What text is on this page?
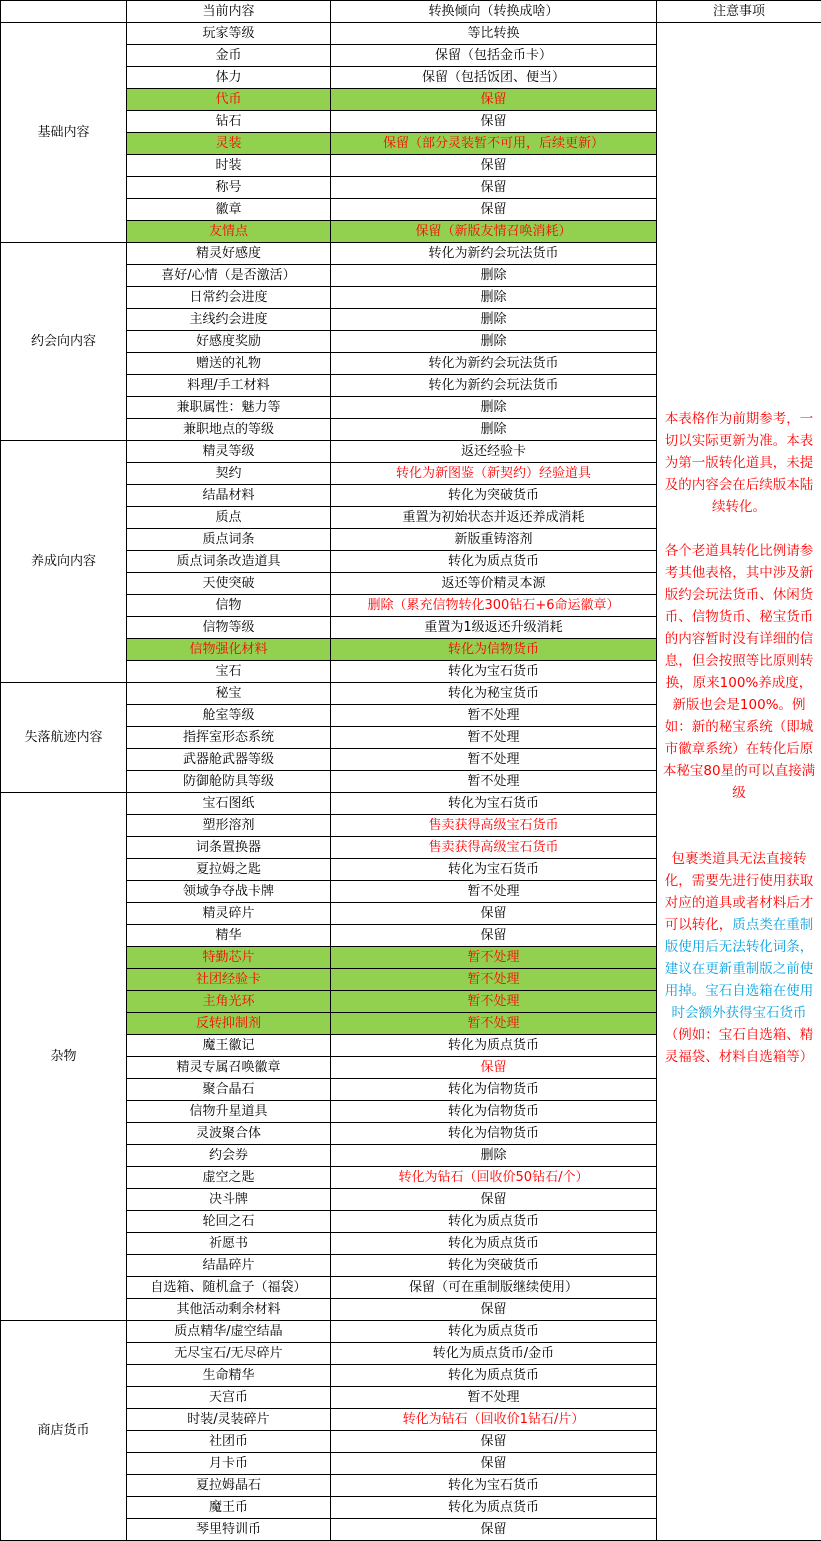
	当前内容	转换倾向（转换成啥）	注意事项
基础内容	玩家等级	等比转换	本表格作为前期参考，一切以实际更新为准。本表为第一版转化道具，未提及的内容会在后续版本陆续转化。
各个老道具转化比例请参考其他表格，其中涉及新版约会玩法货币、休闲货币、信物货币、秘宝货币的内容暂时没有详细的信息，但会按照等比原则转换，原来100%养成度，新版也会是100%。例如：新的秘宝系统（即城市徽章系统）在转化后原本秘宝80星的可以直接满级
包裹类道具无法直接转化，需要先进行使用获取对应的道具或者材料后才可以转化，质点类在重制版使用后无法转化词条，建议在更新重制版之前使用掉。宝石自选箱在使用时会额外获得宝石货币（例如：宝石自选箱、精灵福袋、材料自选箱等）

	金币	保留（包括金币卡）	
	体力	保留（包括饭团、便当）	
	代币	保留	
	钻石	保留	
	灵装	保留（部分灵装暂不可用，后续更新）	
	时装	保留	
	称号	保留	
	徽章	保留	
	友情点	保留（新版友情召唤消耗）	
约会向内容	精灵好感度	转化为新约会玩法货币	
	喜好/心情（是否激活）	删除	
	日常约会进度	删除	
	主线约会进度	删除	
	好感度奖励	删除	
	赠送的礼物	转化为新约会玩法货币	
	料理/手工材料	转化为新约会玩法货币	
	兼职属性：魅力等	删除	
	兼职地点的等级	删除	
养成向内容	精灵等级	返还经验卡	
	契约	转化为新图鉴（新契约）经验道具	
	结晶材料	转化为突破货币	
	质点	重置为初始状态并返还养成消耗	
	质点词条	新版重铸溶剂	
	质点词条改造道具	转化为质点货币	
	天使突破	返还等价精灵本源	
	信物	删除（累充信物转化300钻石+6命运徽章）	
	信物等级	重置为1级返还升级消耗	
	信物强化材料	转化为信物货币	
	宝石	转化为宝石货币	
失落航迹内容	秘宝	转化为秘宝货币	
	舱室等级	暂不处理	
	指挥室形态系统	暂不处理	
	武器舱武器等级	暂不处理	
	防御舱防具等级	暂不处理	
杂物	宝石图纸	转化为宝石货币	
	塑形溶剂	售卖获得高级宝石货币	
	词条置换器	售卖获得高级宝石货币	
	夏拉姆之匙	转化为宝石货币	
	领域争夺战卡牌	暂不处理	
	精灵碎片	保留	
	精华	保留	
	特勤芯片	暂不处理	
	社团经验卡	暂不处理	
	主角光环	暂不处理	
	反转抑制剂	暂不处理	
	魔王徽记	转化为质点货币	
	精灵专属召唤徽章	保留	
	聚合晶石	转化为信物货币	
	信物升星道具	转化为信物货币	
	灵波聚合体	转化为信物货币	
	约会券	删除	
	虚空之匙	转化为钻石（回收价50钻石/个）	
	决斗牌	保留	
	轮回之石	转化为质点货币	
	祈愿书	转化为质点货币	
	结晶碎片	转化为突破货币	
	自选箱、随机盒子（福袋）	保留（可在重制版继续使用）	
	其他活动剩余材料	保留	
商店货币	质点精华/虚空结晶	转化为质点货币	
	无尽宝石/无尽碎片	转化为质点货币/金币	
	生命精华	转化为质点货币	
	天宫币	暂不处理	
	时装/灵装碎片	转化为钻石（回收价1钻石/片）	
	社团币	保留	
	月卡币	保留	
	夏拉姆晶石	转化为宝石货币	
	魔王币	转化为质点货币	
	琴里特训币	保留	
